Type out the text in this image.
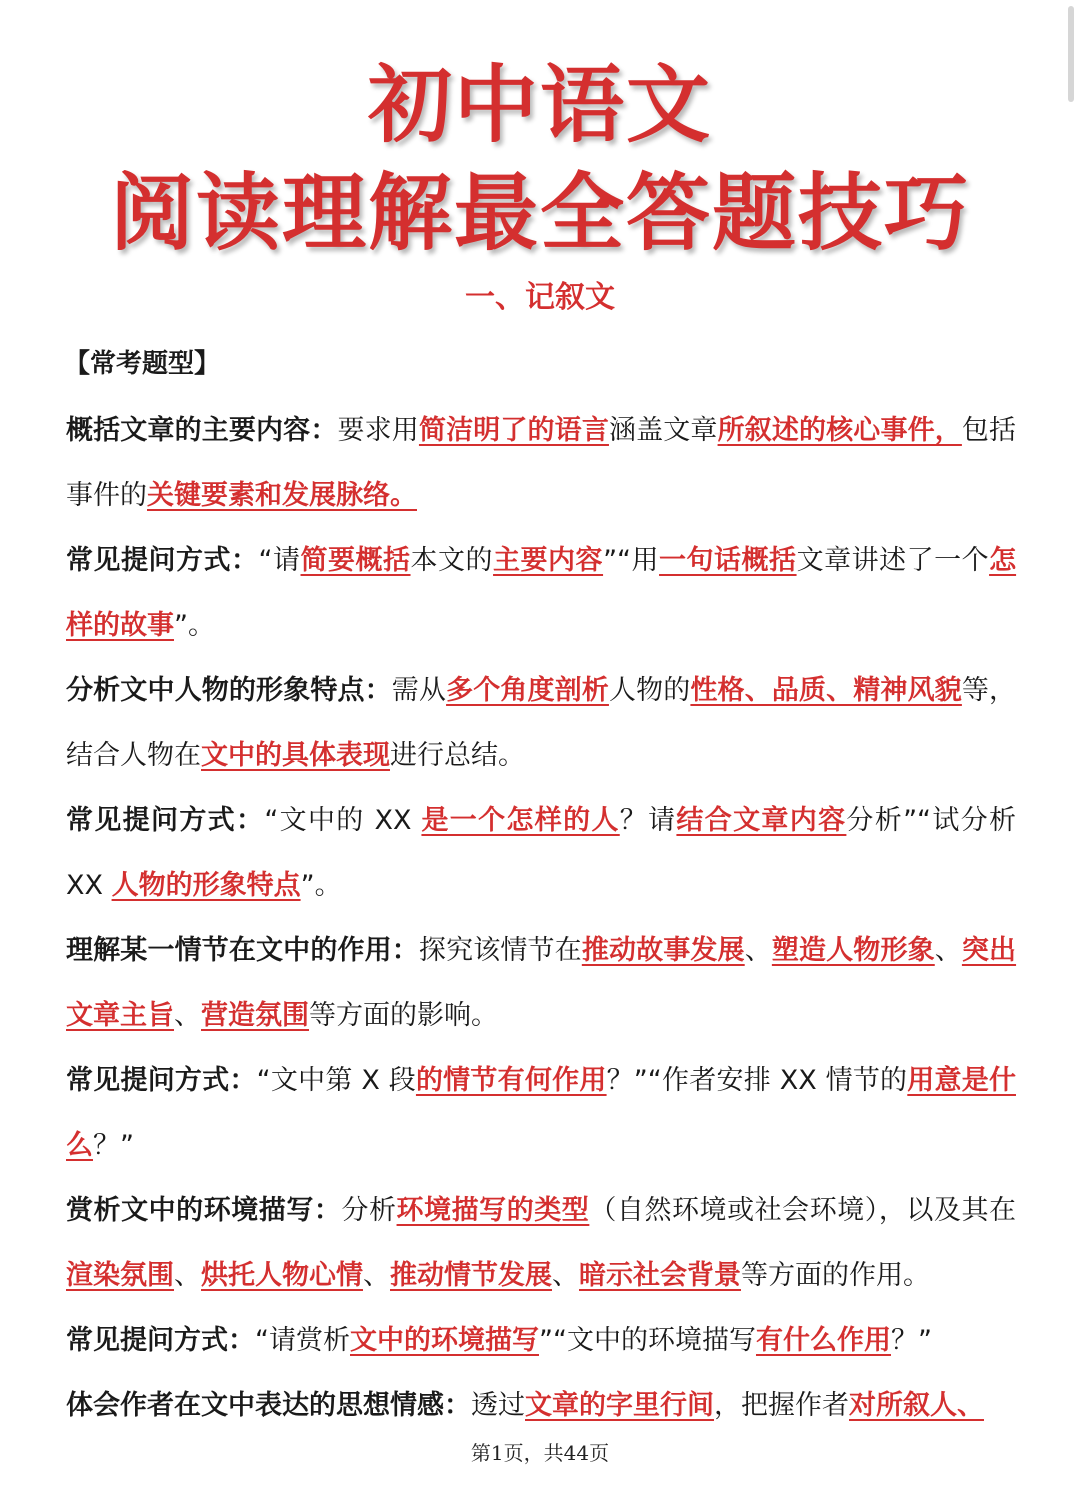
初中语文
阅读理解最全答题技巧
一、记叙文
【常考题型】

概括文章的主要内容：要求用简洁明了的语言涵盖文章所叙述的核心事件，包括事件的关键要素和发展脉络。

常见提问方式：“请简要概括本文的主要内容”“用一句话概括文章讲述了一个怎样的故事”。

分析文中人物的形象特点：需从多个角度剖析人物的性格、品质、精神风貌等，结合人物在文中的具体表现进行总结。

常见提问方式：“文中的 XX 是一个怎样的人？请结合文章内容分析”“试分析 XX 人物的形象特点”。

理解某一情节在文中的作用：探究该情节在推动故事发展、塑造人物形象、突出文章主旨、营造氛围等方面的影响。

常见提问方式：“文中第 X 段的情节有何作用？”“作者安排 XX 情节的用意是什么？”

赏析文中的环境描写：分析环境描写的类型（自然环境或社会环境），以及其在渲染氛围、烘托人物心情、推动情节发展、暗示社会背景等方面的作用。

常见提问方式：“请赏析文中的环境描写”“文中的环境描写有什么作用？”

体会作者在文中表达的思想情感：透过文章的字里行间，把握作者对所叙人、

第1页，共44页
